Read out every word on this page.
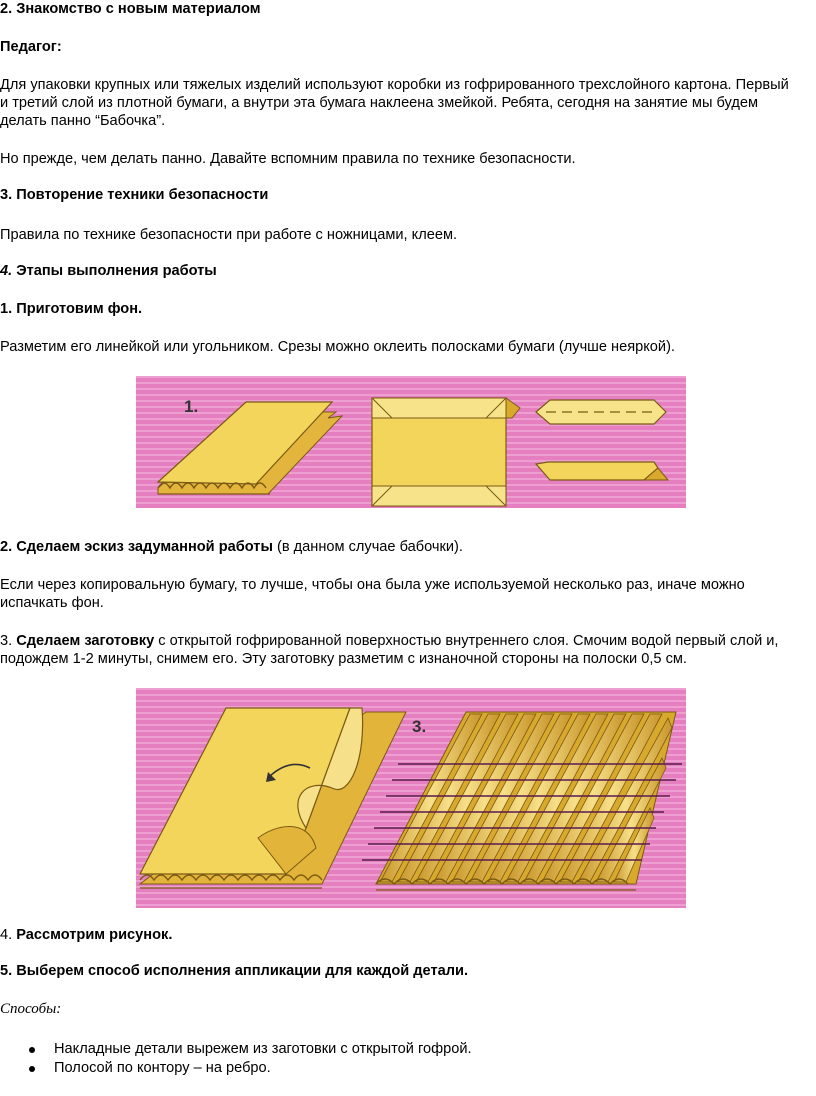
2. Знакомство с новым материалом

Педагог:

Для упаковки крупных или тяжелых изделий используют коробки из гофрированного трехслойного картона. Первый

и третий слой из плотной бумаги, а внутри эта бумага наклеена змейкой. Ребята, сегодня на занятие мы будем

делать панно “Бабочка”.

Но прежде, чем делать панно. Давайте вспомним правила по технике безопасности.

3. Повторение техники безопасности

Правила по технике безопасности при работе с ножницами, клеем.

4. Этапы выполнения работы

1. Приготовим фон.

Разметим его линейкой или угольником. Срезы можно оклеить полосками бумаги (лучше неяркой).

1.

2. Сделаем эскиз задуманной работы (в данном случае бабочки).

Если через копировальную бумагу, то лучше, чтобы она была уже используемой несколько раз, иначе можно

испачкать фон.

3. Сделаем заготовку с открытой гофрированной поверхностью внутреннего слоя. Смочим водой первый слой и,

подождем 1-2 минуты, снимем его. Эту заготовку разметим с изнаночной стороны на полоски 0,5 см.

3.

4. Рассмотрим рисунок.

5. Выберем способ исполнения аппликации для каждой детали.

Способы:

Накладные детали вырежем из заготовки с открытой гофрой.
Полосой по контору – на ребро.
